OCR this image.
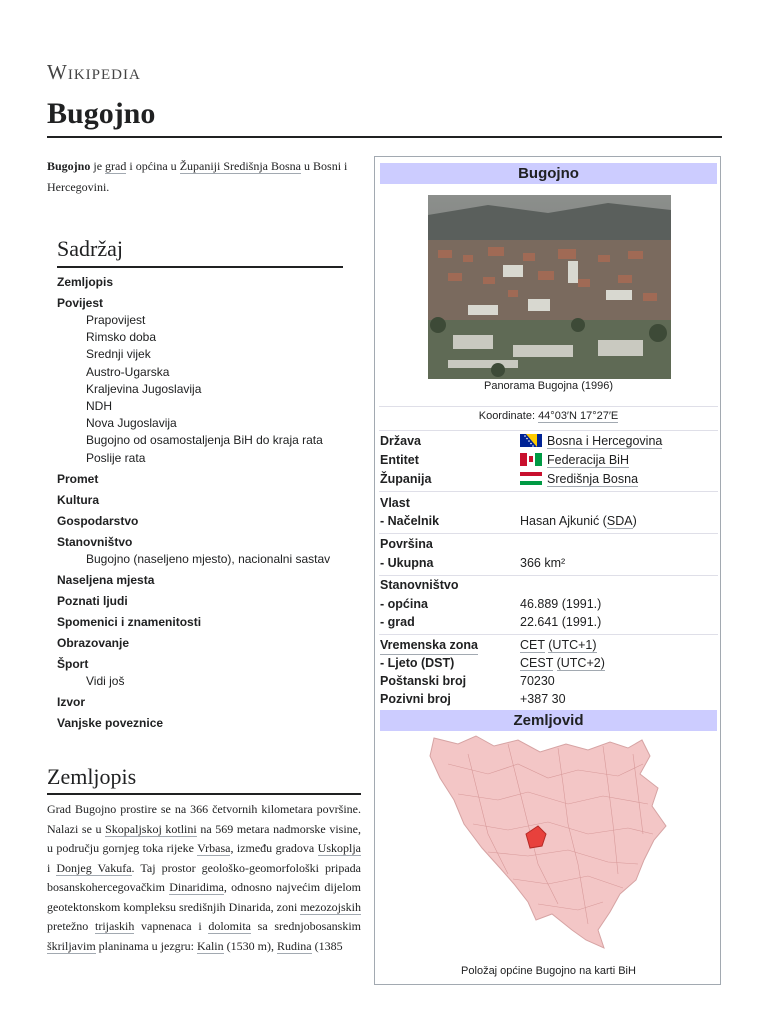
Wikipedia
Bugojno
Bugojno je grad i općina u Županiji Središnja Bosna u Bosni i Hercegovini.
Sadržaj
Zemljopis
Povijest
Prapovijest
Rimsko doba
Srednji vijek
Austro-Ugarska
Kraljevina Jugoslavija
NDH
Nova Jugoslavija
Bugojno od osamostaljenja BiH do kraja rata
Poslije rata
Promet
Kultura
Gospodarstvo
Stanovništvo
Bugojno (naseljeno mjesto), nacionalni sastav
Naseljena mjesta
Poznati ljudi
Spomenici i znamenitosti
Obrazovanje
Šport
Vidi još
Izvor
Vanjske poveznice
Zemljopis
Grad Bugojno prostire se na 366 četvornih kilometara površine. Nalazi se u Skopaljskoj kotlini na 569 metara nadmorske visine, u području gornjeg toka rijeke Vrbasa, između gradova Uskoplja i Donjeg Vakufa. Taj prostor geološko-geomorfološki pripada bosanskohercegovačkim Dinaridima, odnosno najvećim dijelom geotektonskom kompleksu središnjih Dinarida, zoni mezozojskih pretežno trijaskih vapnenaca i dolomita sa srednjobosanskim škriljavim planinama u jezgru: Kalin (1530 m), Rudina (1385
Bugojno
Panorama Bugojna (1996)
Koordinate: 44°03′N 17°27′E
Država	Bosna i Hercegovina
Entitet	Federacija BiH
Županija	Središnja Bosna
Vlast
- Načelnik	Hasan Ajkunić (SDA)
Površina
- Ukupna	366 km²
Stanovništvo
- općina	46.889 (1991.)
- grad	22.641 (1991.)
Vremenska zona	CET (UTC+1)
- Ljeto (DST)	CEST (UTC+2)
Poštanski broj	70230
Pozivni broj	+387 30
Zemljovid
Položaj općine Bugojno na karti BiH
